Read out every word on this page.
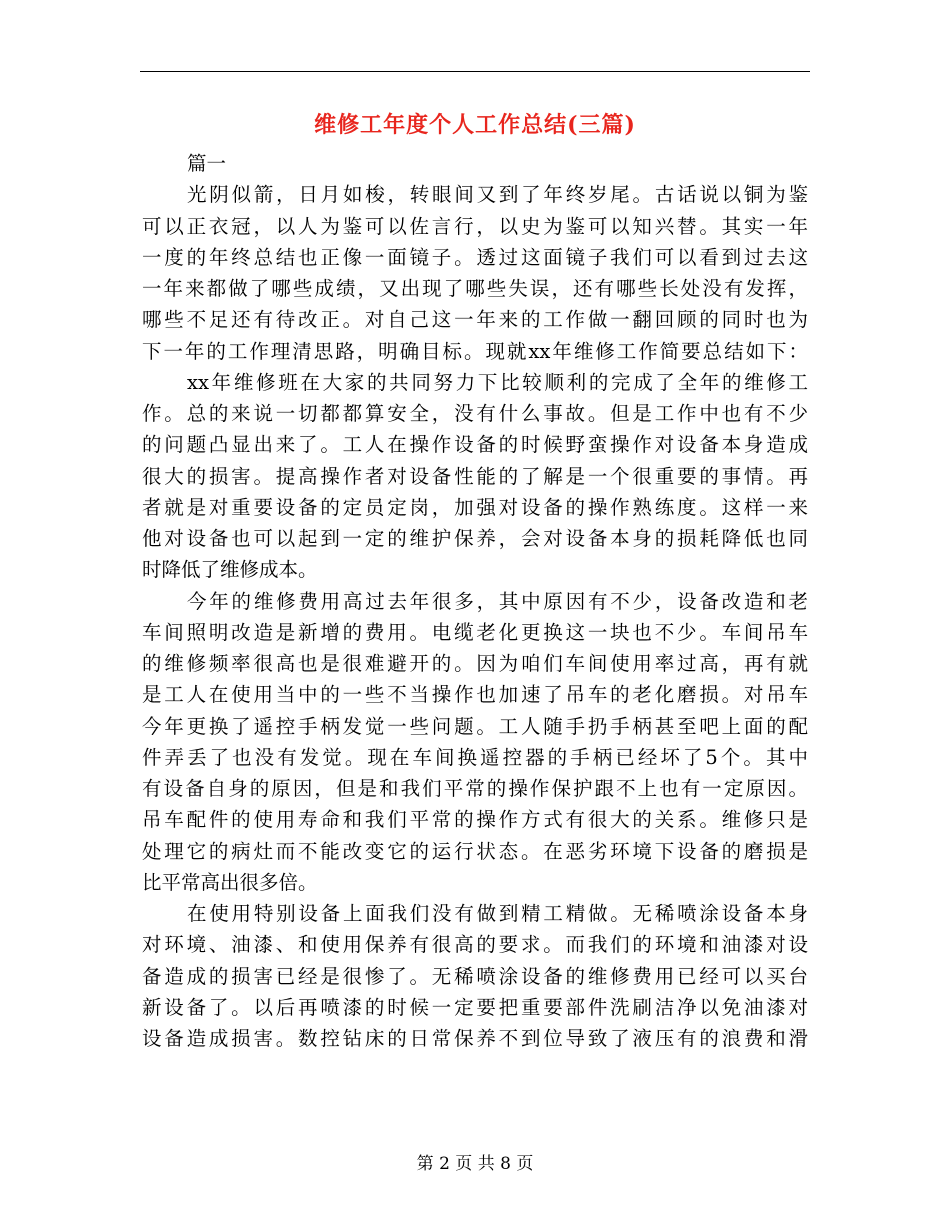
维修工年度个人工作总结(三篇)
篇一
光阴似箭，日月如梭，转眼间又到了年终岁尾。古话说以铜为鉴
可以正衣冠，以人为鉴可以佐言行，以史为鉴可以知兴替。其实一年
一度的年终总结也正像一面镜子。透过这面镜子我们可以看到过去这
一年来都做了哪些成绩，又出现了哪些失误，还有哪些长处没有发挥，
哪些不足还有待改正。对自己这一年来的工作做一翻回顾的同时也为
下一年的工作理清思路，明确目标。现就xx年维修工作简要总结如下：
xx年维修班在大家的共同努力下比较顺利的完成了全年的维修工
作。总的来说一切都都算安全，没有什么事故。但是工作中也有不少
的问题凸显出来了。工人在操作设备的时候野蛮操作对设备本身造成
很大的损害。提高操作者对设备性能的了解是一个很重要的事情。再
者就是对重要设备的定员定岗，加强对设备的操作熟练度。这样一来
他对设备也可以起到一定的维护保养，会对设备本身的损耗降低也同
时降低了维修成本。
今年的维修费用高过去年很多，其中原因有不少，设备改造和老
车间照明改造是新增的费用。电缆老化更换这一块也不少。车间吊车
的维修频率很高也是很难避开的。因为咱们车间使用率过高，再有就
是工人在使用当中的一些不当操作也加速了吊车的老化磨损。对吊车
今年更换了遥控手柄发觉一些问题。工人随手扔手柄甚至吧上面的配
件弄丢了也没有发觉。现在车间换遥控器的手柄已经坏了5个。其中
有设备自身的原因，但是和我们平常的操作保护跟不上也有一定原因。
吊车配件的使用寿命和我们平常的操作方式有很大的关系。维修只是
处理它的病灶而不能改变它的运行状态。在恶劣环境下设备的磨损是
比平常高出很多倍。
在使用特别设备上面我们没有做到精工精做。无稀喷涂设备本身
对环境、油漆、和使用保养有很高的要求。而我们的环境和油漆对设
备造成的损害已经是很惨了。无稀喷涂设备的维修费用已经可以买台
新设备了。以后再喷漆的时候一定要把重要部件洗刷洁净以免油漆对
设备造成损害。数控钻床的日常保养不到位导致了液压有的浪费和滑
第 2 页 共 8 页
